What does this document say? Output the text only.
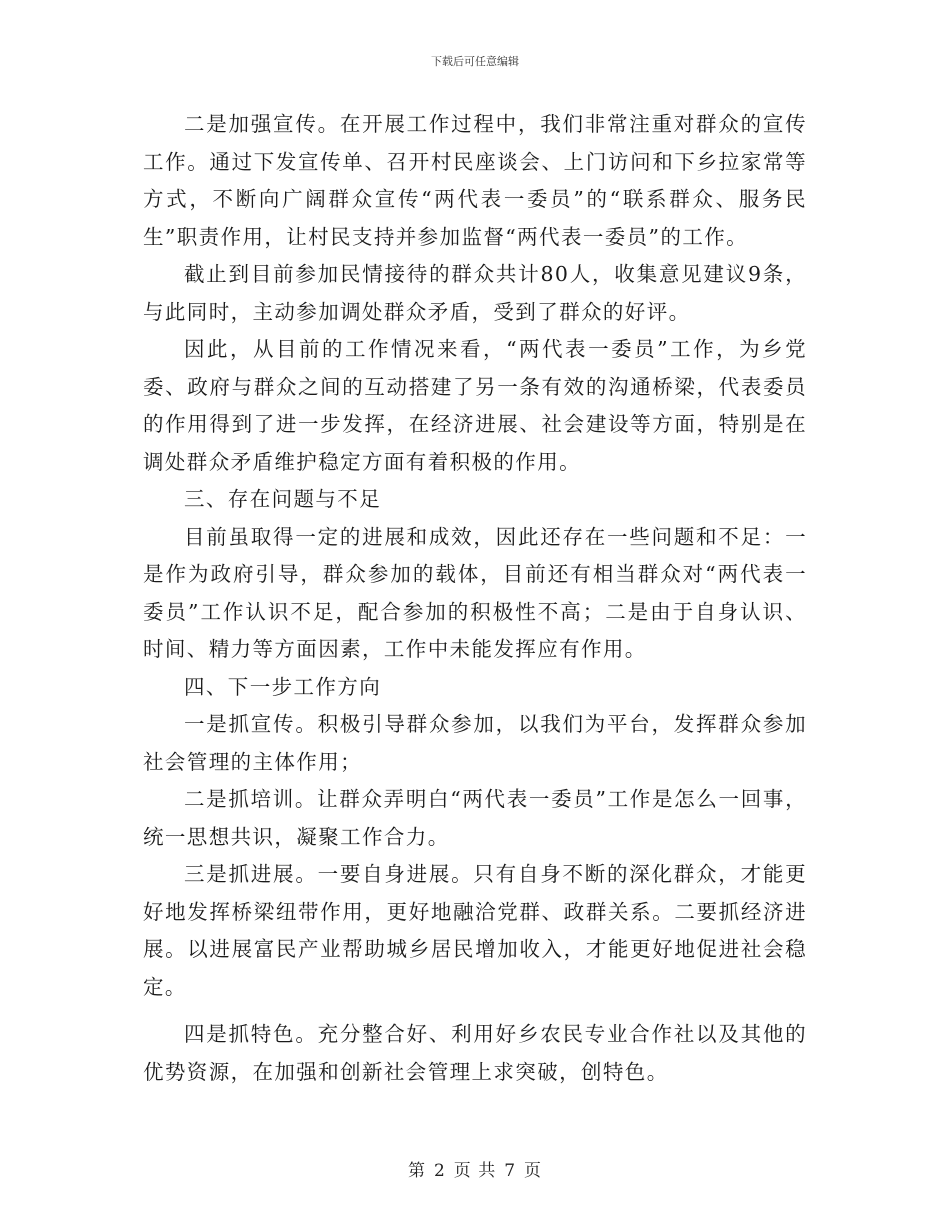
下载后可任意编辑

二是加强宣传。在开展工作过程中，我们非常注重对群众的宣传工作。通过下发宣传单、召开村民座谈会、上门访问和下乡拉家常等方式，不断向广阔群众宣传“两代表一委员”的“联系群众、服务民生”职责作用，让村民支持并参加监督“两代表一委员”的工作。

截止到目前参加民情接待的群众共计80人，收集意见建议9条，与此同时，主动参加调处群众矛盾，受到了群众的好评。

因此，从目前的工作情况来看，“两代表一委员”工作，为乡党委、政府与群众之间的互动搭建了另一条有效的沟通桥梁，代表委员的作用得到了进一步发挥，在经济进展、社会建设等方面，特别是在调处群众矛盾维护稳定方面有着积极的作用。

三、存在问题与不足

目前虽取得一定的进展和成效，因此还存在一些问题和不足：一是作为政府引导，群众参加的载体，目前还有相当群众对“两代表一委员”工作认识不足，配合参加的积极性不高；二是由于自身认识、时间、精力等方面因素，工作中未能发挥应有作用。

四、下一步工作方向

一是抓宣传。积极引导群众参加，以我们为平台，发挥群众参加社会管理的主体作用；

二是抓培训。让群众弄明白“两代表一委员”工作是怎么一回事，统一思想共识，凝聚工作合力。

三是抓进展。一要自身进展。只有自身不断的深化群众，才能更好地发挥桥梁纽带作用，更好地融洽党群、政群关系。二要抓经济进展。以进展富民产业帮助城乡居民增加收入，才能更好地促进社会稳定。

四是抓特色。充分整合好、利用好乡农民专业合作社以及其他的优势资源，在加强和创新社会管理上求突破，创特色。

第 2 页 共 7 页
